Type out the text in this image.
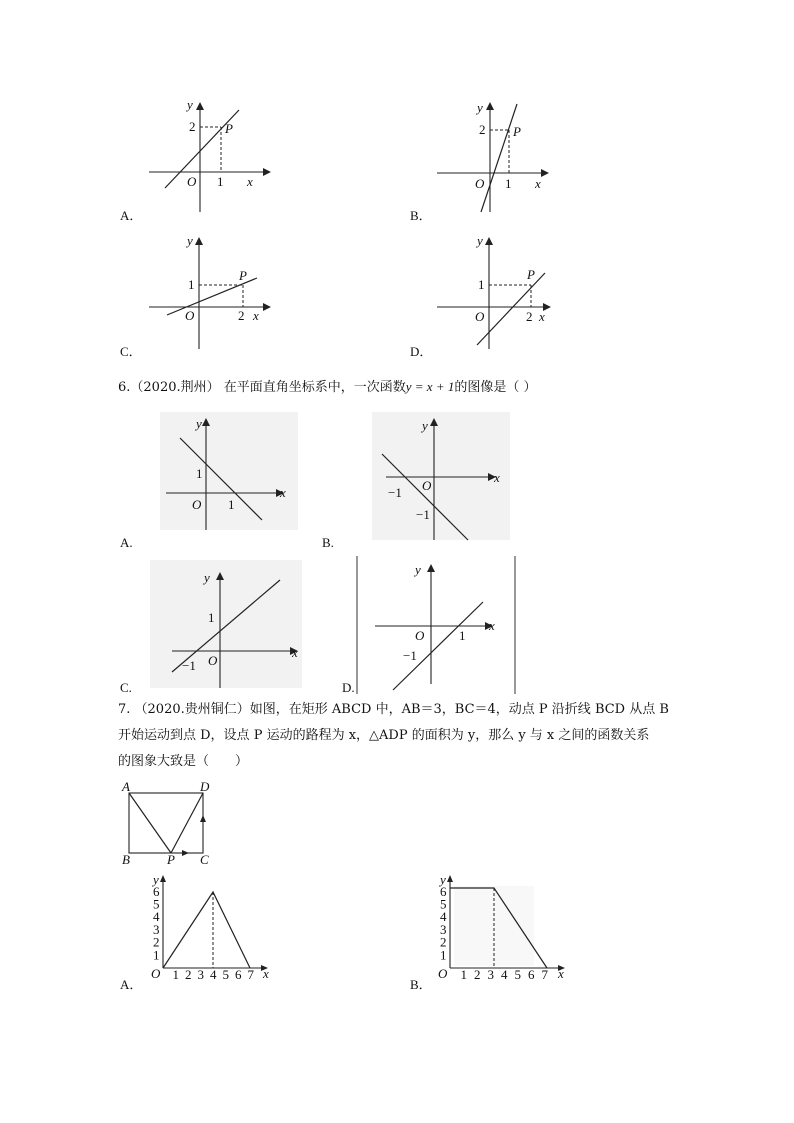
y
2 P
O 1 x
A．
y
2 P
O 1 x
B．
y
1
P
O	2 x
C．
y
1
P
O	2 x
D．
6.（2020.荆州） 在平面直角坐标系中，一次函数y = x + 1的图像是（ ）
y
1
O 1
x
A.
y
O
−1
−1
x
B.
y
1
−1 O
x
C.
y
O	1
−1
x
D.
7. （2020.贵州铜仁）如图，在矩形 ABCD 中，AB＝3，BC＝4，动点 P 沿折线 BCD 从点 B
开始运动到点 D，设点 P 运动的路程为 x，△ADP 的面积为 y，那么 y 与 x 之间的函数关系
的图象大致是（　　）
A	D
B	C
P
y
O	x
1 2 3 4 5 6 7
1
2
3
4
5
6
A．
y
O	x
1 2 3 4 5 6 7
1
2
3
4
5
6
B．
